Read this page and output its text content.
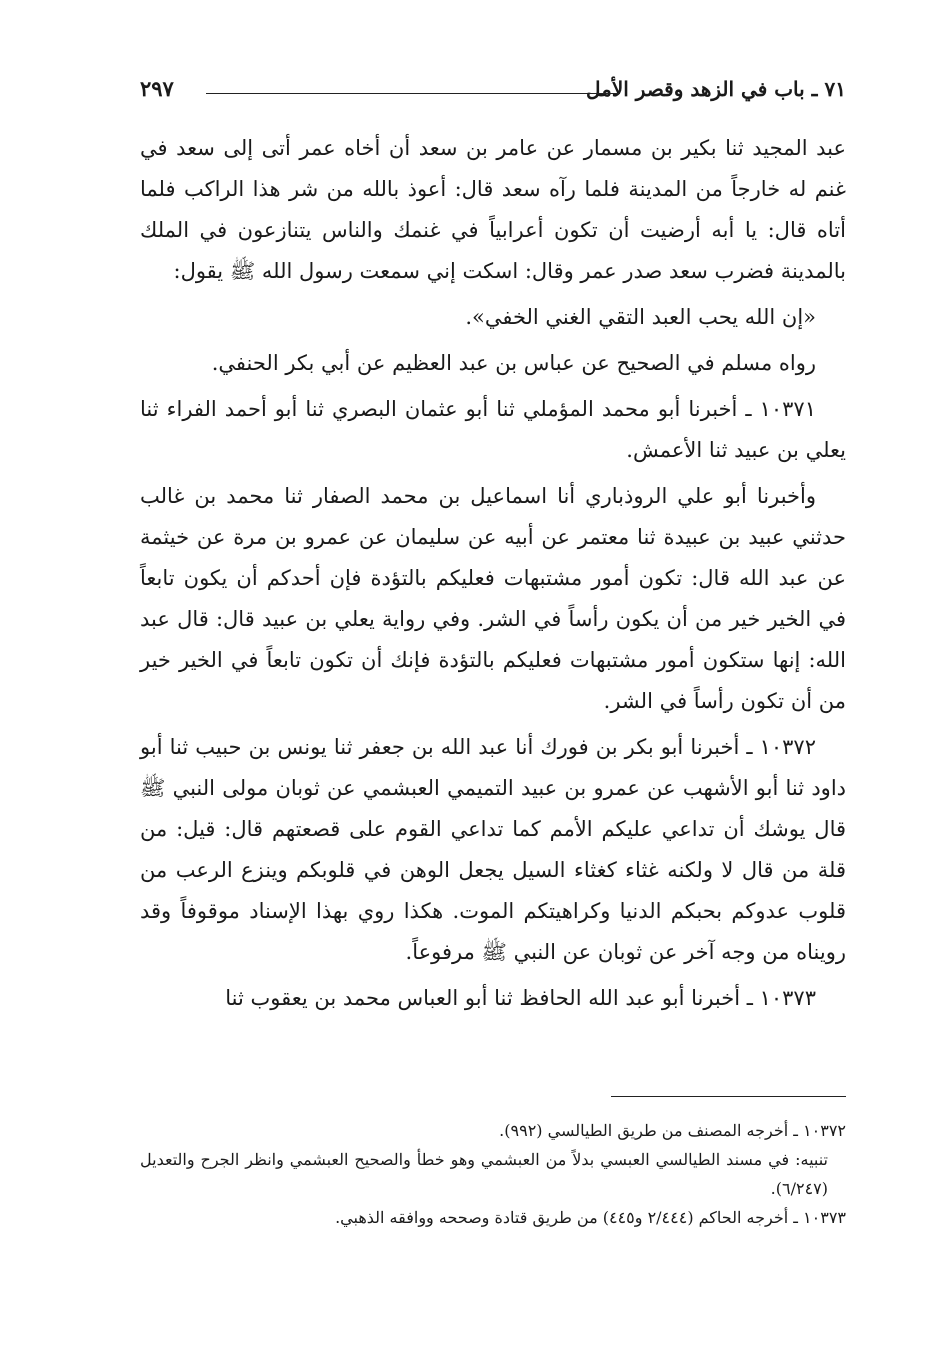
٧١ ـ باب في الزهد وقصر الأمل
٢٩٧

عبد المجيد ثنا بكير بن مسمار عن عامر بن سعد أن أخاه عمر أتى إلى سعد في غنم له خارجاً من المدينة فلما رآه سعد قال: أعوذ بالله من شر هذا الراكب فلما أتاه قال: يا أبه أرضيت أن تكون أعرابياً في غنمك والناس يتنازعون في الملك بالمدينة فضرب سعد صدر عمر وقال: اسكت إني سمعت رسول الله ﷺ يقول:

«إن الله يحب العبد التقي الغني الخفي».

رواه مسلم في الصحيح عن عباس بن عبد العظيم عن أبي بكر الحنفي.

١٠٣٧١ ـ أخبرنا أبو محمد المؤملي ثنا أبو عثمان البصري ثنا أبو أحمد الفراء ثنا يعلي بن عبيد ثنا الأعمش.

وأخبرنا أبو علي الروذباري أنا اسماعيل بن محمد الصفار ثنا محمد بن غالب حدثني عبيد بن عبيدة ثنا معتمر عن أبيه عن سليمان عن عمرو بن مرة عن خيثمة عن عبد الله قال: تكون أمور مشتبهات فعليكم بالتؤدة فإن أحدكم أن يكون تابعاً في الخير خير من أن يكون رأساً في الشر. وفي رواية يعلي بن عبيد قال: قال عبد الله: إنها ستكون أمور مشتبهات فعليكم بالتؤدة فإنك أن تكون تابعاً في الخير خير من أن تكون رأساً في الشر.

١٠٣٧٢ ـ أخبرنا أبو بكر بن فورك أنا عبد الله بن جعفر ثنا يونس بن حبيب ثنا أبو داود ثنا أبو الأشهب عن عمرو بن عبيد التميمي العبشمي عن ثوبان مولى النبي ﷺ قال يوشك أن تداعي عليكم الأمم كما تداعي القوم على قصعتهم قال: قيل: من قلة من قال لا ولكنه غثاء كغثاء السيل يجعل الوهن في قلوبكم وينزع الرعب من قلوب عدوكم بحبكم الدنيا وكراهيتكم الموت. هكذا روي بهذا الإسناد موقوفاً وقد رويناه من وجه آخر عن ثوبان عن النبي ﷺ مرفوعاً.

١٠٣٧٣ ـ أخبرنا أبو عبد الله الحافظ ثنا أبو العباس محمد بن يعقوب ثنا

١٠٣٧٢ ـ أخرجه المصنف من طريق الطيالسي (٩٩٢).

تنبيه: في مسند الطيالسي العبسي بدلاً من العبشمي وهو خطأ والصحيح العبشمي وانظر الجرح والتعديل (٦/٢٤٧).

١٠٣٧٣ ـ أخرجه الحاكم (٢/٤٤٤ و٤٤٥) من طريق قتادة وصححه ووافقه الذهبي.
